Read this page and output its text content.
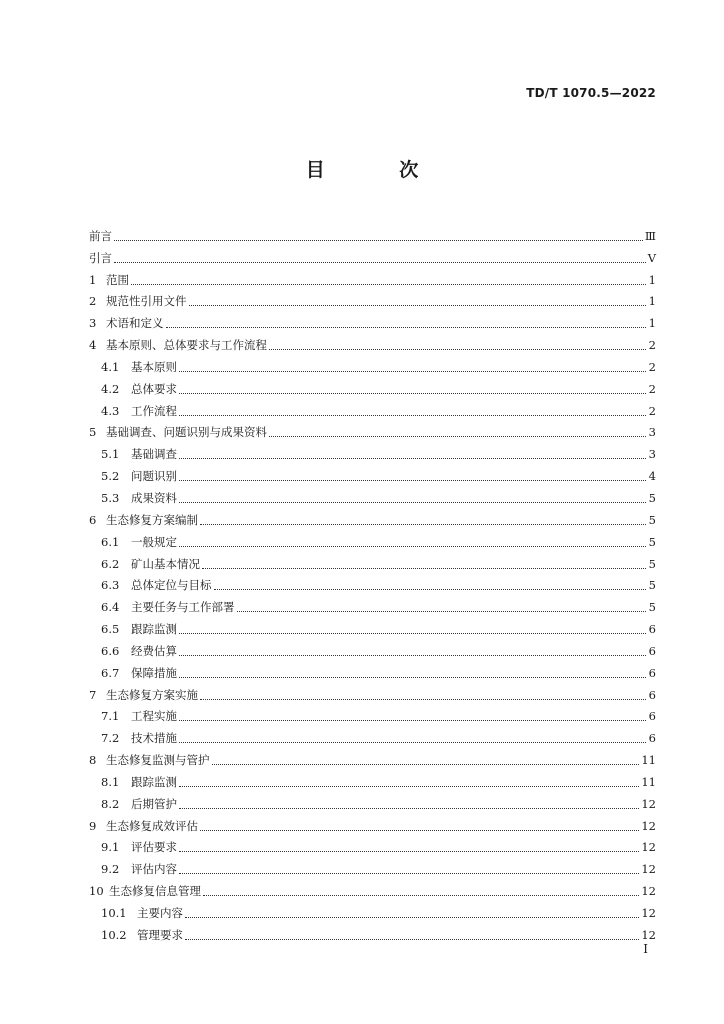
TD/T 1070.5—2022
目 次
前言	Ⅲ
引言	Ⅴ
1 范围	1
2 规范性引用文件	1
3 术语和定义	1
4 基本原则、总体要求与工作流程	2
4.1	基本原则	2
4.2	总体要求	2
4.3	工作流程	2
5 基础调查、问题识别与成果资料	3
5.1	基础调查	3
5.2	问题识别	4
5.3	成果资料	5
6 生态修复方案编制	5
6.1	一般规定	5
6.2	矿山基本情况	5
6.3	总体定位与目标	5
6.4	主要任务与工作部署	5
6.5	跟踪监测	6
6.6	经费估算	6
6.7	保障措施	6
7 生态修复方案实施	6
7.1	工程实施	6
7.2	技术措施	6
8 生态修复监测与管护	11
8.1	跟踪监测	11
8.2	后期管护	12
9 生态修复成效评估	12
9.1	评估要求	12
9.2	评估内容	12
10 生态修复信息管理	12
10.1 主要内容	12
10.2 管理要求	12
I
